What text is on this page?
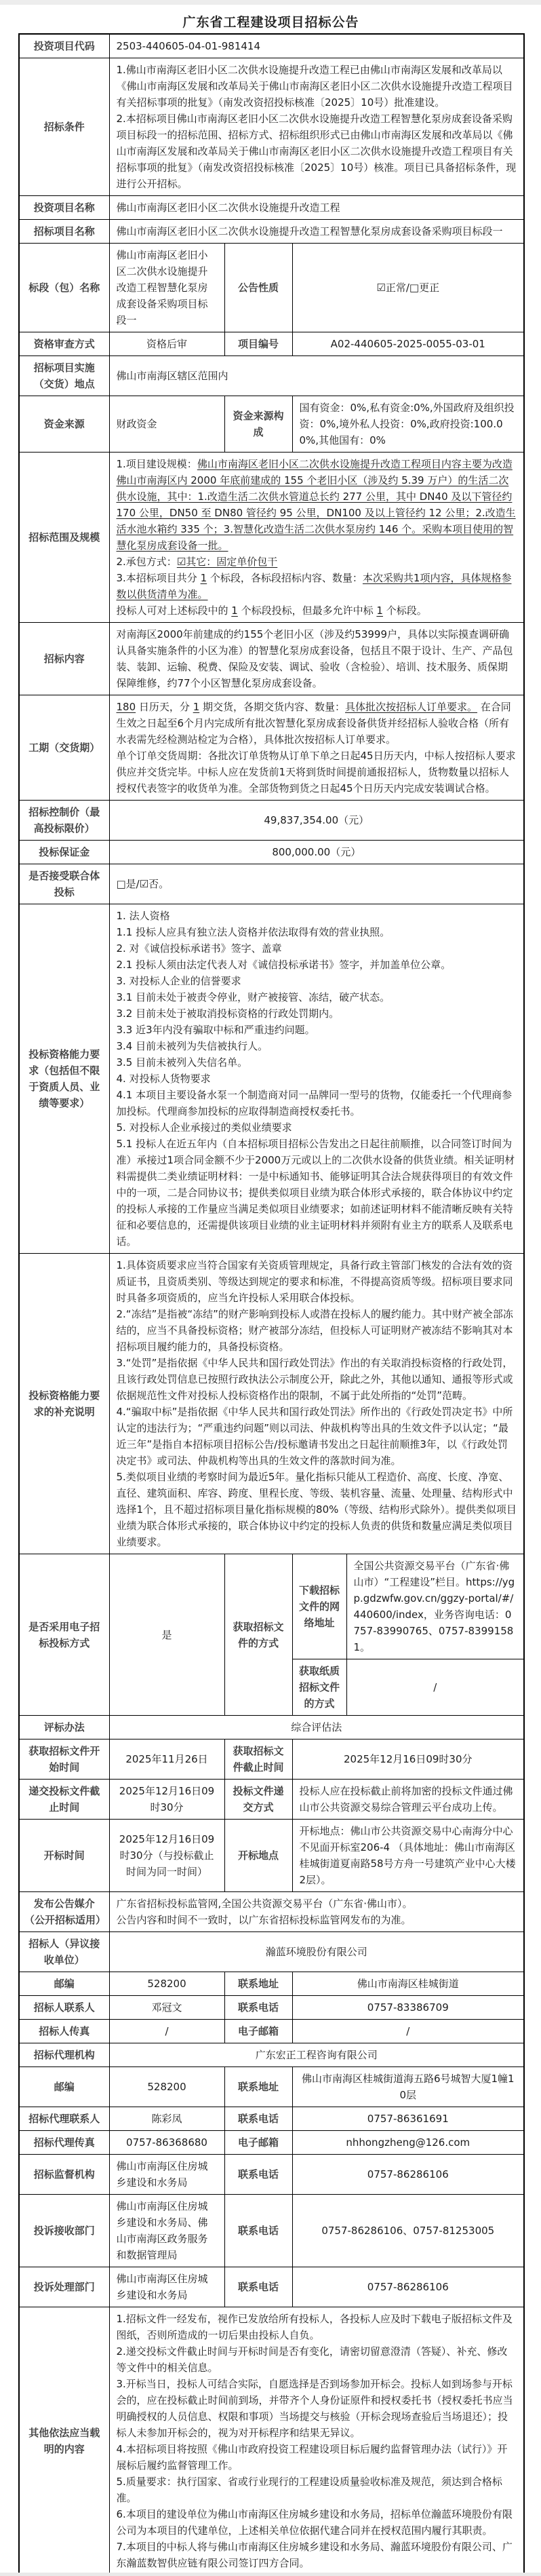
广东省工程建设项目招标公告
投资项目代码	2503-440605-04-01-981414			
招标条件	1.佛山市南海区老旧小区二次供水设施提升改造工程已由佛山市南海区发展和改革局以《佛山市南海区发展和改革局关于佛山市南海区老旧小区二次供水设施提升改造工程项目有关招标事项的批复》（南发改资招投标核准〔2025〕10号）批准建设。
2.本招标项目佛山市南海区老旧小区二次供水设施提升改造工程智慧化泵房成套设备采购项目标段一的招标范围、招标方式、招标组织形式已由佛山市南海区发展和改革局以《佛山市南海区发展和改革局关于佛山市南海区老旧小区二次供水设施提升改造工程项目有关招标事项的批复》（南发改资招投标核准〔2025〕10号）核准。项目已具备招标条件，现进行公开招标。			

投资项目名称	佛山市南海区老旧小区二次供水设施提升改造工程			
招标项目名称	佛山市南海区老旧小区二次供水设施提升改造工程智慧化泵房成套设备采购项目标段一			
标段（包）名称	佛山市南海区老旧小区二次供水设施提升改造工程智慧化泵房成套设备采购项目标段一	公告性质	☑正常/□更正	
资格审查方式	资格后审	项目编号	A02-440605-2025-0055-03-01	
招标项目实施（交货）地点	佛山市南海区辖区范围内			
资金来源	财政资金	资金来源构成	国有资金：0%,私有资金:0%,外国政府及组织投资：0%,境外私人投资：0%,政府投资:100.00%,其他国有：0%	
招标范围及规模	1.项目建设规模：佛山市南海区老旧小区二次供水设施提升改造工程项目内容主要为改造佛山市南海区内 2000 年底前建成的 155 个老旧小区（涉及约 5.39 万户）的生活二次供水设施，其中：1.改造生活二次供水管道总长约 277 公里，其中 DN40 及以下管径约 170 公里，DN50 至 DN80 管径约 95 公里，DN100 及以上管径约 12 公里；2.改造生活水池水箱约 335 个；3.智慧化改造生活二次供水泵房约 146 个。采购本项目使用的智慧化泵房成套设备一批。
2.承包方式：☑其它：固定单价包干
3.本招标项目共分 1 个标段，各标段招标内容、数量：本次采购共1项内容，具体规格参数以供货清单为准。
投标人可对上述标段中的 1 个标段投标，但最多允许中标 1 个标段。			

招标内容	对南海区2000年前建成的约155个老旧小区（涉及约53999户，具体以实际摸查调研确认具备实施条件的小区为准）的智慧化泵房成套设备，包括且不限于设计、生产、产品包装、装卸、运输、税费、保险及安装、调试、验收（含检验）、培训、技术服务、质保期保障维修，约77个小区智慧化泵房成套设备。			

工期（交货期）	180 日历天，分 1 期交货，各期交货内容、数量：具体批次按招标人订单要求。 在合同生效之日起至6个月内完成所有批次智慧化泵房成套设备供货并经招标人验收合格（所有水表需先经检测站检定为合格），具体批次按招标人订单要求。
单个订单交货周期：各批次订单货物从订单下单之日起45日历天内，中标人按招标人要求供应并交货完毕。中标人应在发货前1天将到货时间提前通报招标人，货物数量以招标人授权代表签字的收货单为准。全部货物到货之日起45个日历天内完成安装调试合格。			

招标控制价（最高投标限价）	49,837,354.00（元）			
投标保证金	800,000.00（元）			
是否接受联合体投标	□是/☑否。			
投标资格能力要求（包括但不限于资质人员、业绩等要求）	
1. 法人资格
1.1 投标人应具有独立法人资格并依法取得有效的营业执照。
2. 对《诚信投标承诺书》签字、盖章
2.1 投标人须由法定代表人对《诚信投标承诺书》签字，并加盖单位公章。
3. 对投标人企业的信誉要求
3.1 目前未处于被责令停业，财产被接管、冻结，破产状态。
3.2 目前未处于被取消投标资格的行政处罚期内。
3.3 近3年内没有骗取中标和严重违约问题。
3.4 目前未被列为失信被执行人。
3.5 目前未被列入失信名单。
4. 对投标人货物要求
4.1 本项目主要设备水泵一个制造商对同一品牌同一型号的货物，仅能委托一个代理商参加投标。代理商参加投标的应取得制造商授权委托书。
5. 对投标人企业承接过的类似业绩要求
5.1 投标人在近五年内（自本招标项目招标公告发出之日起往前顺推，以合同签订时间为准）承接过1项合同金额不少于2000万元或以上的二次供水设备的供货业绩。相关证明材料需提供二类业绩证明材料：一是中标通知书、能够证明其合法合规获得项目的有效文件中的一项，二是合同协议书；提供类似项目业绩为联合体形式承接的，联合体协议中约定的投标人承接的工作量应当满足类似项目业绩要求；如前述证明材料不能清晰反映有关特征和必要信息的，还需提供该项目业绩的业主证明材料并须附有业主方的联系人及联系电话。

投标资格能力要求的补充说明	1.具体资质要求应当符合国家有关资质管理规定，具备行政主管部门核发的合法有效的资质证书，且资质类别、等级达到规定的要求和标准，不得提高资质等级。招标项目要求同时具备多项资质的，应当允许投标人采用联合体投标。
2.“冻结”是指被“冻结”的财产影响到投标人或潜在投标人的履约能力。其中财产被全部冻结的，应当不具备投标资格；财产被部分冻结，但投标人可证明财产被冻结不影响其对本招标项目履约能力的，具备投标资格。
3.“处罚”是指依据《中华人民共和国行政处罚法》作出的有关取消投标资格的行政处罚，且该行政处罚信息已按照行政执法公示制度公开，除此之外，其他以通知、通报等形式或依据规范性文件对投标人投标资格作出的限制，不属于此处所指的“处罚”范畴。
4.“骗取中标”是指依据《中华人民共和国行政处罚法》所作出的《行政处罚决定书》中所认定的违法行为；“严重违约问题”则以司法、仲裁机构等出具的生效文件予以认定；“最近三年”是指自本招标项目招标公告/投标邀请书发出之日起往前顺推3年，以《行政处罚决定书》或司法、仲裁机构等出具的生效文件的落款时间为准。
5.类似项目业绩的考察时间为最近5年。量化指标只能从工程造价、高度、长度、净宽、直径、建筑面积、库容、跨度、里程长度、等级、装机容量、流量、处理量、结构形式中选择1个，且不超过招标项目量化指标规模的80%（等级、结构形式除外）。提供类似项目业绩为联合体形式承接的，联合体协议中约定的投标人负责的供货和数量应满足类似项目业绩要求。			

是否采用电子招标投标方式	是	获取招标文件的方式	下载招标文件的网络地址	全国公共资源交易平台（广东省·佛山市）“工程建设”栏目。https://ygp.gdzwfw.gov.cn/ggzy-portal/#/440600/index，业务咨询电话：0757-83990765、0757-83991581。
			获取纸质招标文件的方式	/
评标办法	综合评估法			
获取招标文件开始时间	2025年11月26日	获取招标文件截止时间	2025年12月16日09时30分	
递交投标文件截止时间	2025年12月16日09时30分	投标文件递交方式	投标人应在投标截止前将加密的投标文件通过佛山市公共资源交易综合管理云平台成功上传。	
开标时间	2025年12月16日09时30分（与投标截止时间为同一时间）	开标地点	开标地点：佛山市公共资源交易中心南海分中心不见面开标室206-4 （具体地址：佛山市南海区桂城街道夏南路58号方舟一号建筑产业中心大楼2层）。	
发布公告媒介（公开招标适用）	广东省招标投标监管网,全国公共资源交易平台（广东省·佛山市）。
公告内容和时间不一致时，以广东省招标投标监管网发布的为准。			

招标人（异议接收单位）	瀚蓝环境股份有限公司			
邮编	528200	联系地址	佛山市南海区桂城街道	
招标人联系人	邓冠文	联系电话	0757-83386709	
招标人传真	/	电子邮箱	/	
招标代理机构	广东宏正工程咨询有限公司			
邮编	528200	联系地址	佛山市南海区桂城街道海五路6号城智大厦1幢10层	
招标代理联系人	陈彩凤	联系电话	0757-86361691	
招标代理传真	0757-86368680	电子邮箱	nhhongzheng@126.com	
招标监督机构	佛山市南海区住房城乡建设和水务局	联系电话	0757-86286106	
投诉接收部门	佛山市南海区住房城乡建设和水务局、佛山市南海区政务服务和数据管理局	联系电话	0757-86286106、0757-81253005	
投诉处理部门	佛山市南海区住房城乡建设和水务局	联系电话	0757-86286106	
其他依法应当载明的内容	
1.招标文件一经发布，视作已发放给所有投标人，各投标人应及时下载电子版招标文件及图纸，否则所造成的一切后果由投标人自负。
2.递交投标文件截止时间与开标时间是否有变化，请密切留意澄清（答疑）、补充、修改等文件中的相关信息。
3.开标当日，投标人可结合实际，自愿选择是否到场参加开标会。投标人如到场参与开标会的，应在投标截止时间前到场，并带齐个人身份证原件和授权委托书（授权委托书应当明确授权的人员信息、权限和事项）当场提交与核验（开标会现场查验后当场退还）；投标人未参加开标会的，视为对开标程序和结果无异议。
4.本招标项目将按照《佛山市政府投资工程建设项目标后履约监督管理办法（试行）》开展标后履约监督管理工作。
5.质量要求：执行国家、省或行业现行的工程建设质量验收标准及规范，须达到合格标准。
6.本项目的建设单位为佛山市南海区住房城乡建设和水务局，招标单位瀚蓝环境股份有限公司为本项目的代建单位，上述相关单位依据代建合同并在授权范围内履行其职责。
7.本项目的中标人将与佛山市南海区住房城乡建设和水务局、瀚蓝环境股份有限公司、广东瀚蓝数智供应链有限公司签订四方合同。
